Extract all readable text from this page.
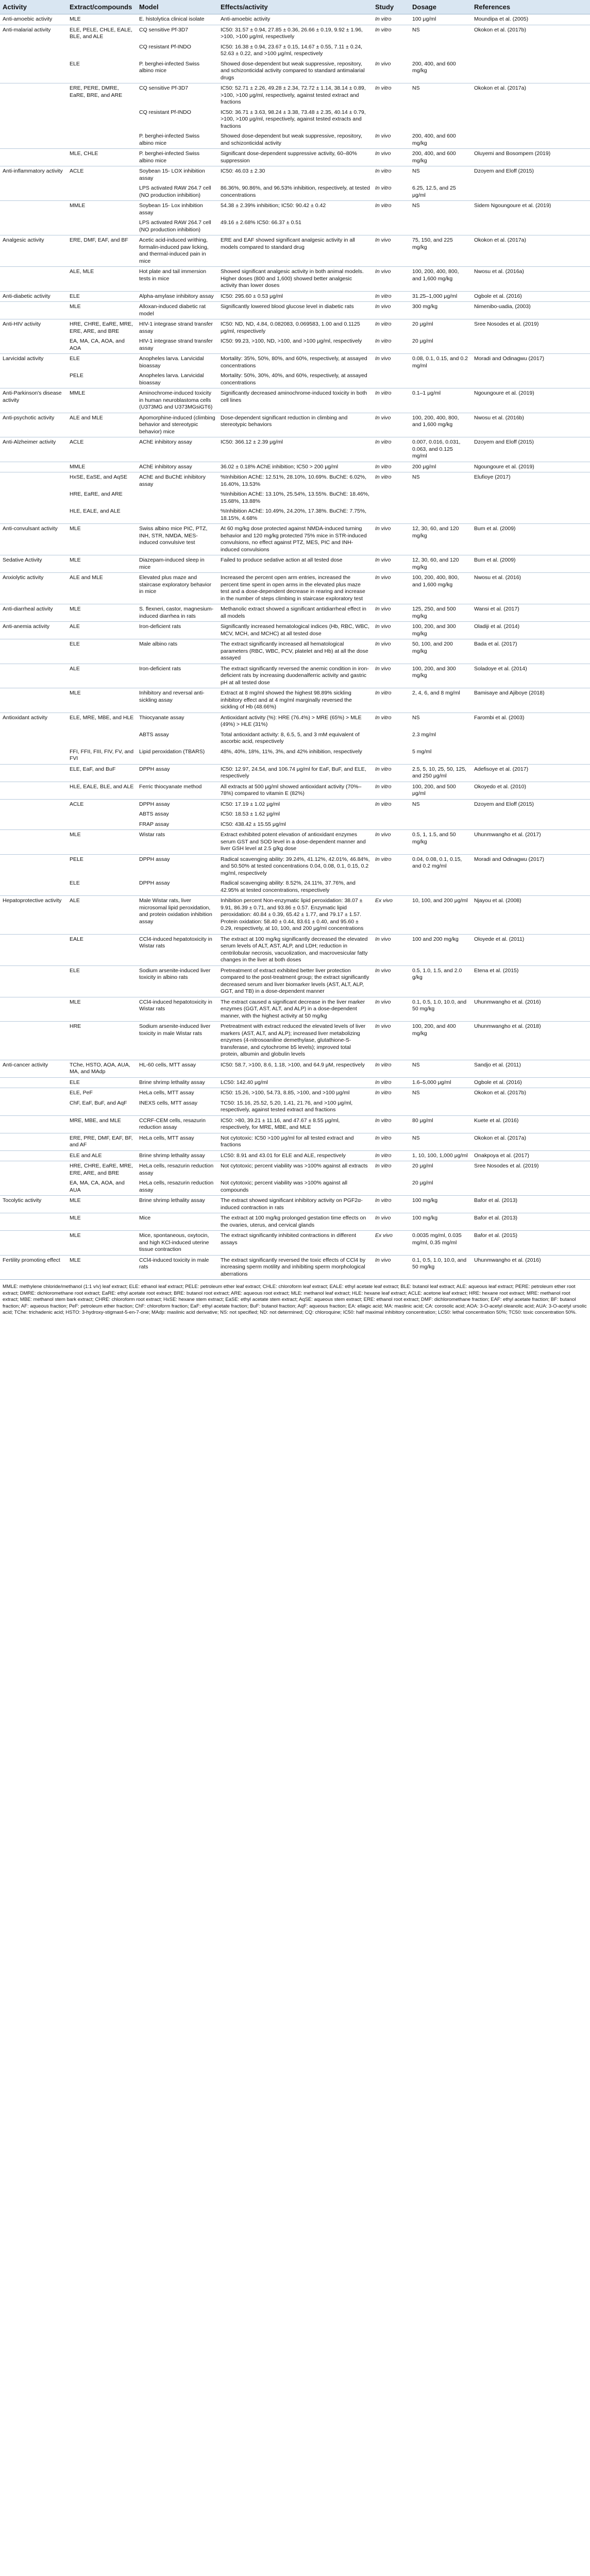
Activity	Extract/compounds	Model	Effects/activity	Study	Dosage	References
Anti-amoebic activity	MLE	E. histolytica clinical isolate	Anti-amoebic activity	In vitro	100 μg/ml	Moundipa et al. (2005)
Anti-malarial activity	ELE, PELE, CHLE, EALE, BLE, and ALE	CQ sensitive Pf-3D7	IC50: 31.57 ± 0.94, 27.85 ± 0.36, 26.66 ± 0.19, 9.92 ± 1.96, >100, >100 μg/ml, respectively	In vitro	NS	Okokon et al. (2017b)
		CQ resistant Pf-INDO	IC50: 16.38 ± 0.94, 23.67 ± 0.15, 14.67 ± 0.55, 7.11 ± 0.24, 52.63 ± 0.22, and >100 μg/ml, respectively			
	ELE	P. berghei-infected Swiss albino mice	Showed dose-dependent but weak suppressive, repository, and schizonticidal activity compared to standard antimalarial drugs	In vivo	200, 400, and 600 mg/kg	
	ERE, PERE, DMRE, EaRE, BRE, and ARE	CQ sensitive Pf-3D7	IC50: 52.71 ± 2.26, 49.28 ± 2.34, 72.72 ± 1.14, 38.14 ± 0.89, >100, >100 μg/ml, respectively, against tested extract and fractions	In vitro	NS	Okokon et al. (2017a)
		CQ resistant Pf-INDO	IC50: 36.71 ± 3.63, 98.24 ± 3.38, 73.48 ± 2.35, 40.14 ± 0.79, >100, >100 μg/ml, respectively, against tested extracts and fractions			
		P. berghei-infected Swiss albino mice	Showed dose-dependent but weak suppressive, repository, and schizonticidal activity	In vivo	200, 400, and 600 mg/kg	
	MLE, CHLE	P. berghei-infected Swiss albino mice	Significant dose-dependent suppressive activity, 60–80% suppression	In vivo	200, 400, and 600 mg/kg	Oluyemi and Bosompem (2019)
Anti-inflammatory activity	ACLE	Soybean 15- LOX inhibition assay	IC50: 46.03 ± 2.30	In vitro	NS	Dzoyem and Eloff (2015)
		LPS activated RAW 264.7 cell (NO production inhibition)	86.36%, 90.86%, and 96.53% inhibition, respectively, at tested concentrations	In vitro	6.25, 12.5, and 25 μg/ml	
	MMLE	Soybean 15- Lox inhibition assay	54.38 ± 2.39% inhibition; IC50: 90.42 ± 0.42	In vitro	NS	Sidem Ngoungoure et al. (2019)
		LPS activated RAW 264.7 cell (NO production inhibition)	49.16 ± 2.68% IC50: 66.37 ± 0.51			
Analgesic activity	ERE, DMF, EAF, and BF	Acetic acid-induced writhing, formalin-induced paw licking, and thermal-induced pain in mice	ERE and EAF showed significant analgesic activity in all models compared to standard drug	In vivo	75, 150, and 225 mg/kg	Okokon et al. (2017a)
	ALE, MLE	Hot plate and tail immersion tests in mice	Showed significant analgesic activity in both animal models. Higher doses (800 and 1,600) showed better analgesic activity than lower doses	In vivo	100, 200, 400, 800, and 1,600 mg/kg	Nwosu et al. (2016a)
Anti-diabetic activity	ELE	Alpha-amylase inhibitory assay	IC50: 295.60 ± 0.53 μg/ml	In vitro	31.25–1,000 μg/ml	Ogbole et al. (2016)
	MLE	Alloxan-induced diabetic rat model	Significantly lowered blood glucose level in diabetic rats	In vivo	300 mg/kg	Nimenibo-uadia, (2003)
Anti-HIV activity	HRE, CHRE, EaRE, MRE, ERE, ARE, and BRE	HIV-1 integrase strand transfer assay	IC50: ND, ND, 4.84, 0.082083, 0.069583, 1.00 and 0.1125 μg/ml, respectively	In vitro	20 μg/ml	Sree Nosodes et al. (2019)
	EA, MA, CA, AOA, and AOA	HIV-1 integrase strand transfer assay	IC50: 99.23, >100, ND, >100, and >100 μg/ml, respectively	In vitro	20 μg/ml	
Larvicidal activity	ELE	Anopheles larva. Larvicidal bioassay	Mortality: 35%, 50%, 80%, and 60%, respectively, at assayed concentrations	In vivo	0.08, 0.1, 0.15, and 0.2 mg/ml	Moradi and Odinagwu (2017)
	PELE	Anopheles larva. Larvicidal bioassay	Mortality: 50%, 30%, 40%, and 60%, respectively, at assayed concentrations			
Anti-Parkinson's disease activity	MMLE	Aminochrome-induced toxicity in human neuroblastoma cells (U373MG and U373MGsiGT6)	Significantly decreased aminochrome-induced toxicity in both cell lines	In vitro	0.1–1 μg/ml	Ngoungoure et al. (2019)
Anti-psychotic activity	ALE and MLE	Apomorphine-induced (climbing behavior and stereotypic behavior) mice	Dose-dependent significant reduction in climbing and stereotypic behaviors	In vivo	100, 200, 400, 800, and 1,600 mg/kg	Nwosu et al. (2016b)
Anti-Alzheimer activity	ACLE	AChE inhibitory assay	IC50: 366.12 ± 2.39 μg/ml	In vitro	0.007, 0.016, 0.031, 0.063, and 0.125 mg/ml	Dzoyem and Eloff (2015)
	MMLE	AChE inhibitory assay	36.02 ± 0.18% AChE inhibition; IC50 > 200 μg/ml	In vitro	200 μg/ml	Ngoungoure et al. (2019)
	HxSE, EaSE, and AqSE	AChE and BuChE inhibitory assay	%Inhibition AChE: 12.51%, 28.10%, 10.69%. BuChE: 6.02%, 16.40%, 13.53%	In vitro	NS	Elufioye (2017)
	HRE, EaRE, and ARE		%Inhibition AChE: 13.10%, 25.54%, 13.55%. BuChE: 18.46%, 15.68%, 13.88%			
	HLE, EALE, and ALE		%Inhibition AChE: 10.49%, 24.20%, 17.38%. BuChE: 7.75%, 18.15%, 4.68%			
Anti-convulsant activity	MLE	Swiss albino mice PIC, PTZ, INH, STR, NMDA, MES-induced convulsive test	At 60 mg/kg dose protected against NMDA-induced turning behavior and 120 mg/kg protected 75% mice in STR-induced convulsions, no effect against PTZ, MES, PIC and INH-induced convulsions	In vivo	12, 30, 60, and 120 mg/kg	Bum et al. (2009)
Sedative Activity	MLE	Diazepam-induced sleep in mice	Failed to produce sedative action at all tested dose	In vivo	12, 30, 60, and 120 mg/kg	Bum et al. (2009)
Anxiolytic activity	ALE and MLE	Elevated plus maze and staircase exploratory behavior in mice	Increased the percent open arm entries, increased the percent time spent in open arms in the elevated plus maze test and a dose-dependent decrease in rearing and increase in the number of steps climbing in staircase exploratory test	In vivo	100, 200, 400, 800, and 1,600 mg/kg	Nwosu et al. (2016)
Anti-diarrheal activity	MLE	S. flexneri, castor, magnesium-induced diarrhea in rats	Methanolic extract showed a significant antidiarrheal effect in all models	In vivo	125, 250, and 500 mg/kg	Wansi et al. (2017)
Anti-anemia activity	ALE	Iron-deficient rats	Significantly increased hematological indices (Hb, RBC, WBC, MCV, MCH, and MCHC) at all tested dose	In vivo	100, 200, and 300 mg/kg	Oladiji et al. (2014)
	ELE	Male albino rats	The extract significantly increased all hematological parameters (RBC, WBC, PCV, platelet and Hb) at all the dose assayed	In vivo	50, 100, and 200 mg/kg	Bada et al. (2017)
	ALE	Iron-deficient rats	The extract significantly reversed the anemic condition in iron-deficient rats by increasing duodenalferric activity and gastric pH at all tested dose	In vivo	100, 200, and 300 mg/kg	Soladoye et al. (2014)
	MLE	Inhibitory and reversal anti-sickling assay	Extract at 8 mg/ml showed the highest 98.89% sickling inhibitory effect and at 4 mg/ml marginally reversed the sickling of Hb (48.66%)	In vitro	2, 4, 6, and 8 mg/ml	Bamisaye and Ajiboye (2018)
Antioxidant activity	ELE, MRE, MBE, and HLE	Thiocyanate assay	Antioxidant activity (%): HRE (76.4%) > MRE (65%) > MLE (49%) > HLE (31%)	In vitro	NS	Farombi et al. (2003)
		ABTS assay	Total antioxidant activity: 8, 6.5, 5, and 3 mM equivalent of ascorbic acid, respectively		2.3 mg/ml	
	FFI, FFII, FIII, FIV, FV, and FVI	Lipid peroxidation (TBARS)	48%, 40%, 18%, 11%, 3%, and 42% inhibition, respectively		5 mg/ml	
	ELE, EaF, and BuF	DPPH assay	IC50: 12.97, 24.54, and 106.74 μg/ml for EaF, BuF, and ELE, respectively	In vitro	2.5, 5, 10, 25, 50, 125, and 250 μg/ml	Adefisoye et al. (2017)
	HLE, EALE, BLE, and ALE	Ferric thiocyanate method	All extracts at 500 μg/ml showed antioxidant activity (70%–78%) compared to vitamin E (82%)	In vitro	100, 200, and 500 μg/ml	Okoyedo et al. (2010)
	ACLE	DPPH assay	IC50: 17.19 ± 1.02 μg/ml	In vitro	NS	Dzoyem and Eloff (2015)
		ABTS assay	IC50: 18.53 ± 1.62 μg/ml			
		FRAP assay	IC50: 438.42 ± 15.55 μg/ml			
	MLE	Wistar rats	Extract exhibited potent elevation of antioxidant enzymes serum GST and SOD level in a dose-dependent manner and liver GSH level at 2.5 g/kg dose	In vivo	0.5, 1, 1.5, and 50 mg/kg	Uhunmwangho et al. (2017)
	PELE	DPPH assay	Radical scavenging ability: 39.24%, 41.12%, 42.01%, 46.84%, and 50.50% at tested concentrations 0.04, 0.08, 0.1, 0.15, 0.2 mg/ml, respectively	In vitro	0.04, 0.08, 0.1, 0.15, and 0.2 mg/ml	Moradi and Odinagwu (2017)
	ELE	DPPH assay	Radical scavenging ability: 8.52%, 24.11%, 37.76%, and 42.95% at tested concentrations, respectively			
Hepatoprotective activity	ALE	Male Wistar rats, liver microsomal lipid peroxidation, and protein oxidation inhibition assay	Inhibition percent Non-enzymatic lipid peroxidation: 38.07 ± 9.91, 86.39 ± 0.71, and 93.86 ± 0.57. Enzymatic lipid peroxidation: 40.84 ± 0.39, 65.42 ± 1.77, and 79.17 ± 1.57. Protein oxidation: 58.40 ± 0.44, 83.61 ± 0.40, and 95.60 ± 0.29, respectively, at 10, 100, and 200 μg/ml concentrations	Ex vivo	10, 100, and 200 μg/ml	Njayou et al. (2008)
	EALE	CCl4-induced hepatotoxicity in Wistar rats	The extract at 100 mg/kg significantly decreased the elevated serum levels of ALT, AST, ALP, and LDH; reduction in centrilobular necrosis, vacuolization, and macrovesicular fatty changes in the liver at both doses	In vivo	100 and 200 mg/kg	Oloyede et al. (2011)
	ELE	Sodium arsenite-induced liver toxicity in albino rats	Pretreatment of extract exhibited better liver protection compared to the post-treatment group; the extract significantly decreased serum and liver biomarker levels (AST, ALT, ALP, GGT, and TB) in a dose-dependent manner	In vivo	0.5, 1.0, 1.5, and 2.0 g/kg	Etena et al. (2015)
	MLE	CCl4-induced hepatotoxicity in Wistar rats	The extract caused a significant decrease in the liver marker enzymes (GGT, AST, ALT, and ALP) in a dose-dependent manner, with the highest activity at 50 mg/kg	In vivo	0.1, 0.5, 1.0, 10.0, and 50 mg/kg	Uhunmwangho et al. (2016)
	HRE	Sodium arsenite-induced liver toxicity in male Wistar rats	Pretreatment with extract reduced the elevated levels of liver markers (AST, ALT, and ALP); increased liver metabolizing enzymes (4-nitrosoaniline demethylase, glutathione-S-transferase, and cytochrome b5 levels); improved total protein, albumin and globulin levels	In vivo	100, 200, and 400 mg/kg	Uhunmwangho et al. (2018)
Anti-cancer activity	TChe, HSTO, AOA, AUA, MA, and MAdp	HL-60 cells, MTT assay	IC50: 58.7, >100, 8.6, 1.18, >100, and 64.9 μM, respectively	In vitro	NS	Sandjo et al. (2011)
	ELE	Brine shrimp lethality assay	LC50: 142.40 μg/ml	In vitro	1.6–5,000 μg/ml	Ogbole et al. (2016)
	ELE, PeF	HeLa cells, MTT assay	IC50: 15.26, >100, 54.73, 8.85, >100, and >100 μg/ml	In vitro	NS	Okokon et al. (2017b)
	ChF, EaF, BuF, and AqF	INEXS cells, MTT assay	TC50: 15.16, 25.52, 5.20, 1.41, 21.76, and >100 μg/ml, respectively, against tested extract and fractions			
	MRE, MBE, and MLE	CCRF-CEM cells, resazurin reduction assay	IC50: >80, 39.21 ± 11.16, and 47.67 ± 8.55 μg/ml, respectively, for MRE, MBE, and MLE	In vitro	80 μg/ml	Kuete et al. (2016)
	ERE, PRE, DMF, EAF, BF, and AF	HeLa cells, MTT assay	Not cytotoxic: IC50 >100 μg/ml for all tested extract and fractions	In vitro	NS	Okokon et al. (2017a)
	ELE and ALE	Brine shrimp lethality assay	LC50: 8.91 and 43.01 for ELE and ALE, respectively	In vitro	1, 10, 100, 1,000 μg/ml	Onakpoya et al. (2017)
	HRE, CHRE, EaRE, MRE, ERE, ARE, and BRE	HeLa cells, resazurin reduction assay	Not cytotoxic; percent viability was >100% against all extracts	In vitro	20 μg/ml	Sree Nosodes et al. (2019)
	EA, MA, CA, AOA, and AUA	HeLa cells, resazurin reduction assay	Not cytotoxic; percent viability was >100% against all compounds		20 μg/ml	
Tocolytic activity	MLE	Brine shrimp lethality assay	The extract showed significant inhibitory activity on PGF2α-induced contraction in rats	In vitro	100 mg/kg	Bafor et al. (2013)
	MLE	Mice	The extract at 100 mg/kg prolonged gestation time effects on the ovaries, uterus, and cervical glands	In vivo	100 mg/kg	Bafor et al. (2013)
	MLE	Mice, spontaneous, oxytocin, and high KCl-induced uterine tissue contraction	The extract significantly inhibited contractions in different assays	Ex vivo	0.0035 mg/ml, 0.035 mg/ml, 0.35 mg/ml	Bafor et al. (2015)
Fertility promoting effect	MLE	CCl4-induced toxicity in male rats	The extract significantly reversed the toxic effects of CCl4 by increasing sperm motility and inhibiting sperm morphological aberrations	In vivo	0.1, 0.5, 1.0, 10.0, and 50 mg/kg	Uhunmwangho et al. (2016)
MMLE: methylene chloride/methanol (1:1 v/v) leaf extract; ELE: ethanol leaf extract; PELE: petroleum ether leaf extract; CHLE: chloroform leaf extract; EALE: ethyl acetate leaf extract; BLE: butanol leaf extract; ALE: aqueous leaf extract; PERE: petroleum ether root extract; DMRE: dichloromethane root extract; EaRE: ethyl acetate root extract; BRE: butanol root extract; ARE: aqueous root extract; MLE: methanol leaf extract; HLE: hexane leaf extract; ACLE: acetone leaf extract; HRE: hexane root extract; MRE: methanol root extract; MBE: methanol stem bark extract; CHRE: chloroform root extract; HxSE: hexane stem extract; EaSE: ethyl acetate stem extract; AqSE: aqueous stem extract; ERE: ethanol root extract; DMF: dichloromethane fraction; EAF: ethyl acetate fraction; BF: butanol fraction; AF: aqueous fraction; PeF: petroleum ether fraction; ChF: chloroform fraction; EaF: ethyl acetate fraction; BuF: butanol fraction; AqF: aqueous fraction; EA: ellagic acid; MA: maslinic acid; CA: corosolic acid; AOA: 3-O-acetyl oleanolic acid; AUA: 3-O-acetyl ursolic acid; TChe: trichadenic acid; HSTO: 3-hydroxy-stigmast-5-en-7-one; MAdp: maslinic acid derivative; NS: not specified; ND: not determined; CQ: chloroquine; IC50: half maximal inhibitory concentration; LC50: lethal concentration 50%; TC50: toxic concentration 50%.
